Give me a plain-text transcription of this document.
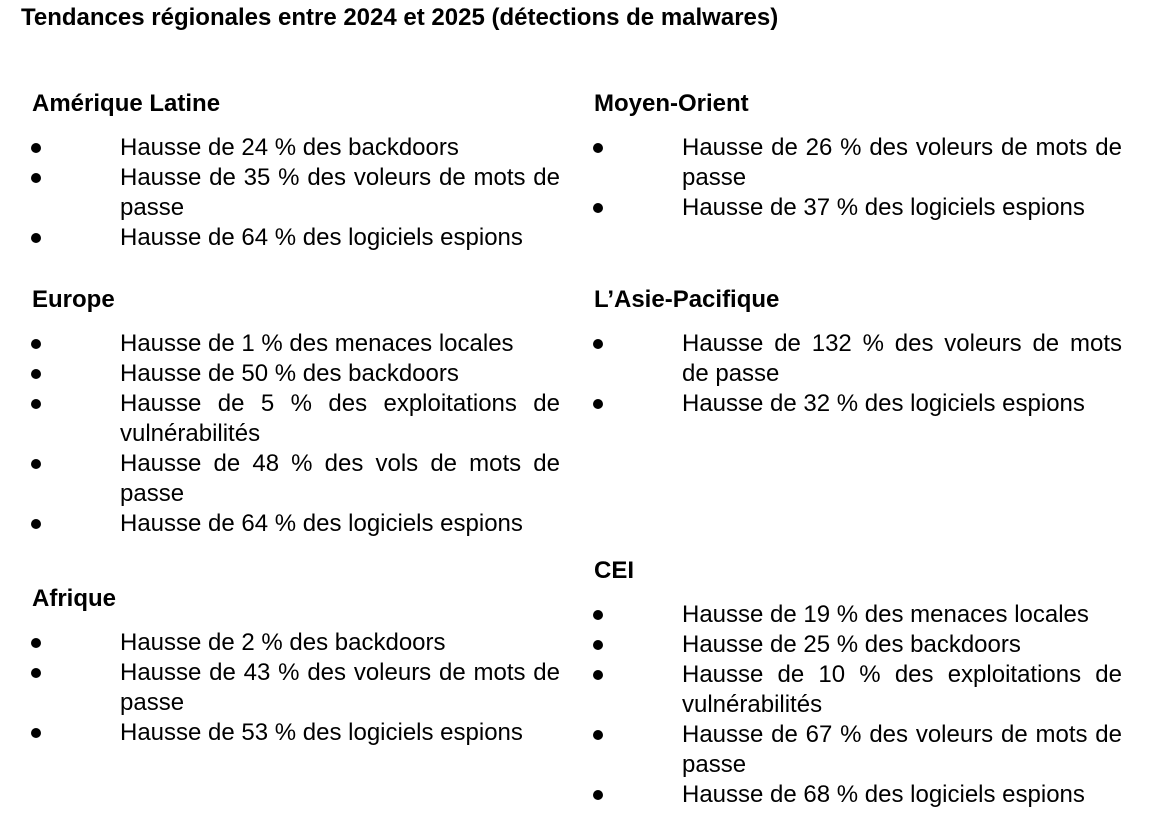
Tendances régionales entre 2024 et 2025 (détections de malwares)
Amérique Latine
Hausse de 24 % des backdoors
Hausse de 35 % des voleurs de mots de passe
Hausse de 64 % des logiciels espions
Europe
Hausse de 1 % des menaces locales
Hausse de 50 % des backdoors
Hausse de 5 % des exploitations de vulnérabilités
Hausse de 48 % des vols de mots de passe
Hausse de 64 % des logiciels espions
Afrique
Hausse de 2 % des backdoors
Hausse de 43 % des voleurs de mots de passe
Hausse de 53 % des logiciels espions
Moyen-Orient
Hausse de 26 % des voleurs de mots de passe
Hausse de 37 % des logiciels espions
L’Asie-Pacifique
Hausse de 132 % des voleurs de mots de passe
Hausse de 32 % des logiciels espions
CEI
Hausse de 19 % des menaces locales
Hausse de 25 % des backdoors
Hausse de 10 % des exploitations de vulnérabilités
Hausse de 67 % des voleurs de mots de passe
Hausse de 68 % des logiciels espions
